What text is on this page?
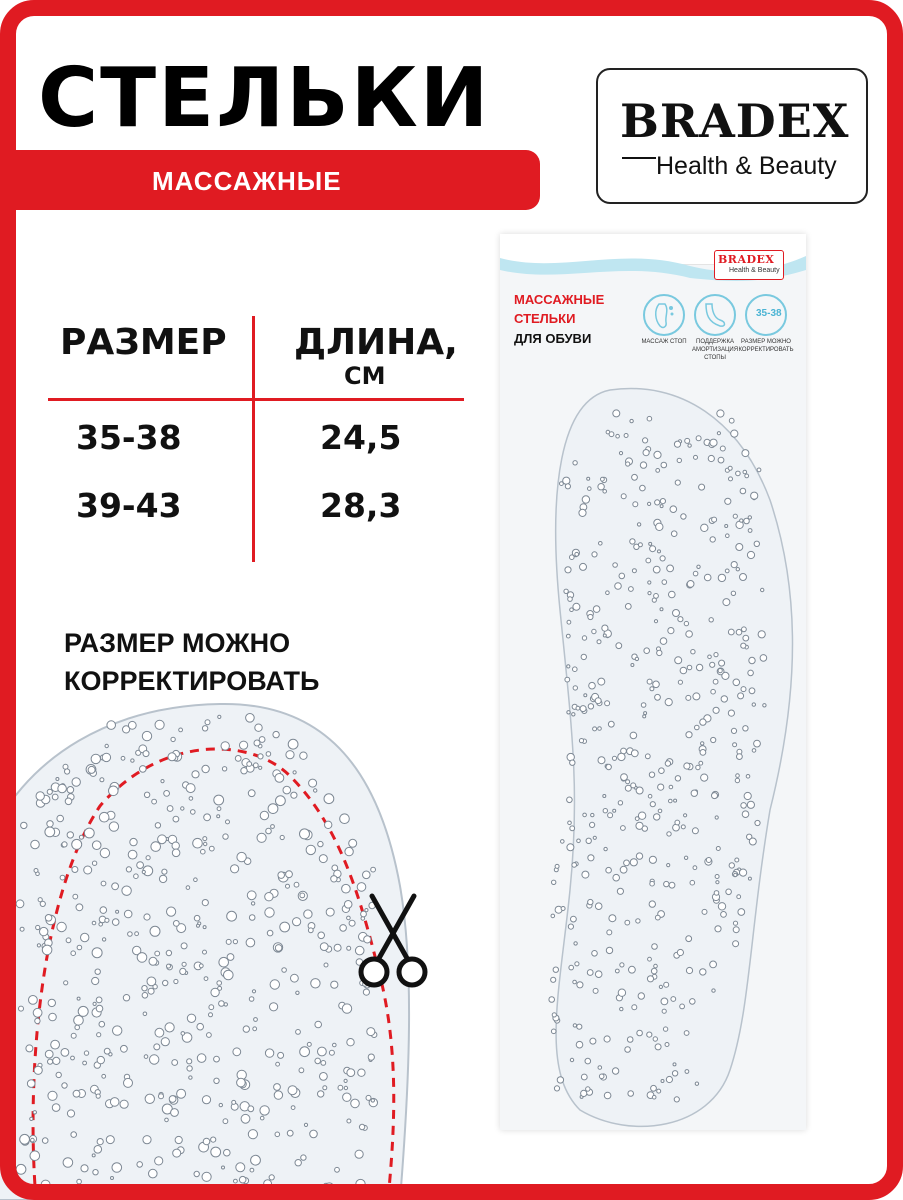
СТЕЛЬКИ
МАССАЖНЫЕ
BRADEX
Health & Beauty
РАЗМЕР ДЛИНА,
СМ
35-38	24,5
39-43	28,3
РАЗМЕР МОЖНО
КОРРЕКТИРОВАТЬ
BRADEX
Health & Beauty
МАССАЖНЫЕ
СТЕЛЬКИ
ДЛЯ ОБУВИ	МАССАЖ СТОП	ПОДДЕРЖКА
АМОРТИЗАЦИЯ
СТОПЫ
35-38
РАЗМЕР МОЖНО
КОРРЕКТИРОВАТЬ
